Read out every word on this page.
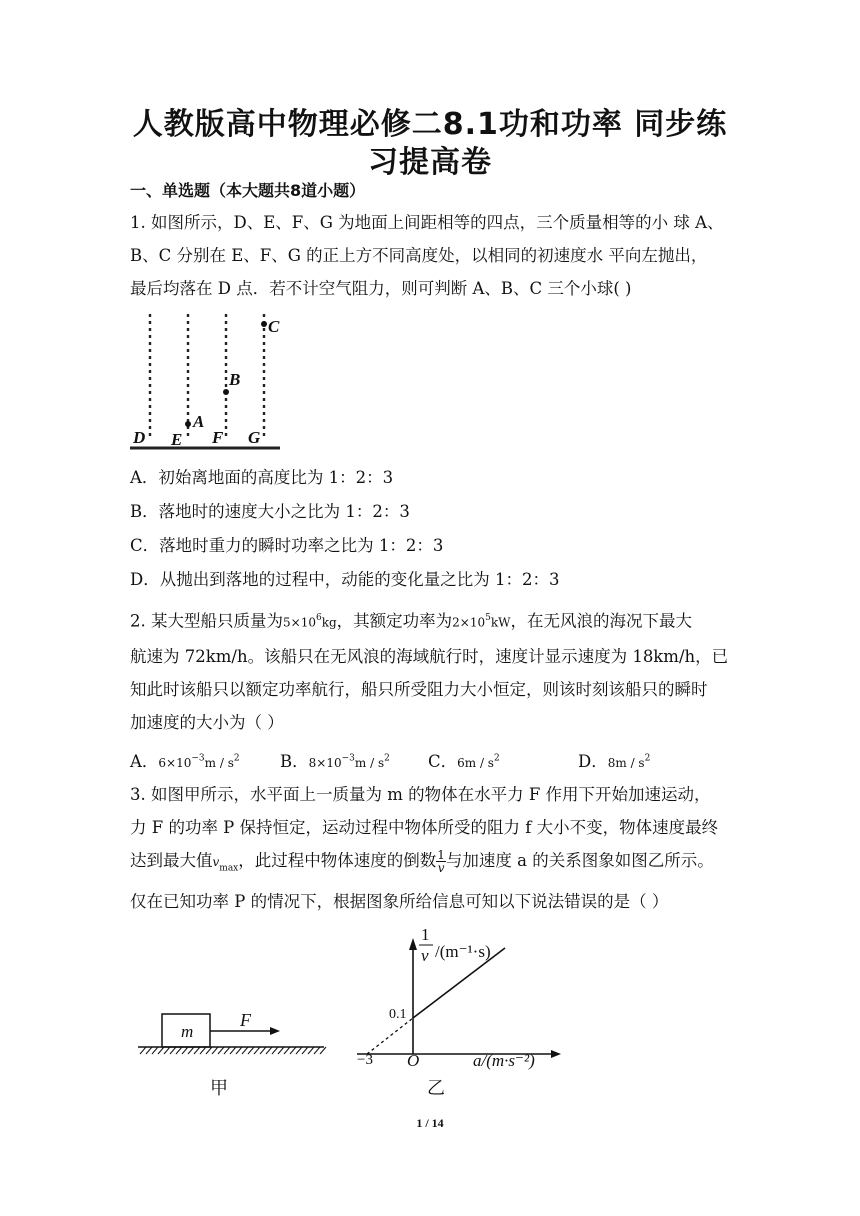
人教版高中物理必修二8.1功和功率 同步练
习提高卷
一、单选题（本大题共8道小题）
1. 如图所示，D、E、F、G 为地面上间距相等的四点，三个质量相等的小 球 A、
B、C 分别在 E、F、G 的正上方不同高度处，以相同的初速度水 平向左抛出，
最后均落在 D 点．若不计空气阻力，则可判断 A、B、C 三个小球( )
D E F G
A
B
C
A．初始离地面的高度比为 1：2：3
B．落地时的速度大小之比为 1：2：3
C．落地时重力的瞬时功率之比为 1：2：3
D．从抛出到落地的过程中，动能的变化量之比为 1：2：3
2. 某大型船只质量为$5\times 10^6kg$，其额定功率为$2\times 10^5kW$，在无风浪的海况下最大
航速为 72km/h。该船只在无风浪的海域航行时，速度计显示速度为 18km/h，已
知此时该船只以额定功率航行，船只所受阻力大小恒定，则该时刻该船只的瞬时
加速度的大小为（ ）
A．$6\times 10^{-3}m / s^2$ B．$8\times 10^{-3}m / s^2$ C．$6m / s^2$	D．$8m / s^2$
3. 如图甲所示，水平面上一质量为 m 的物体在水平力 F 作用下开始加速运动，
力 F 的功率 P 保持恒定，运动过程中物体所受的阻力 f 大小不变，物体速度最终
达到最大值$v_{max}$，此过程中物体速度的倒数 $\frac{1}{v}$与加速度 a 的关系图象如图乙所示。
仅在已知功率 P 的情况下，根据图象所给信息可知以下说法错误的是（ ）
m
F
甲
1
v /(m⁻¹·s)
0.1
−3 O	a/(m·s⁻²)
乙
1 / 14
